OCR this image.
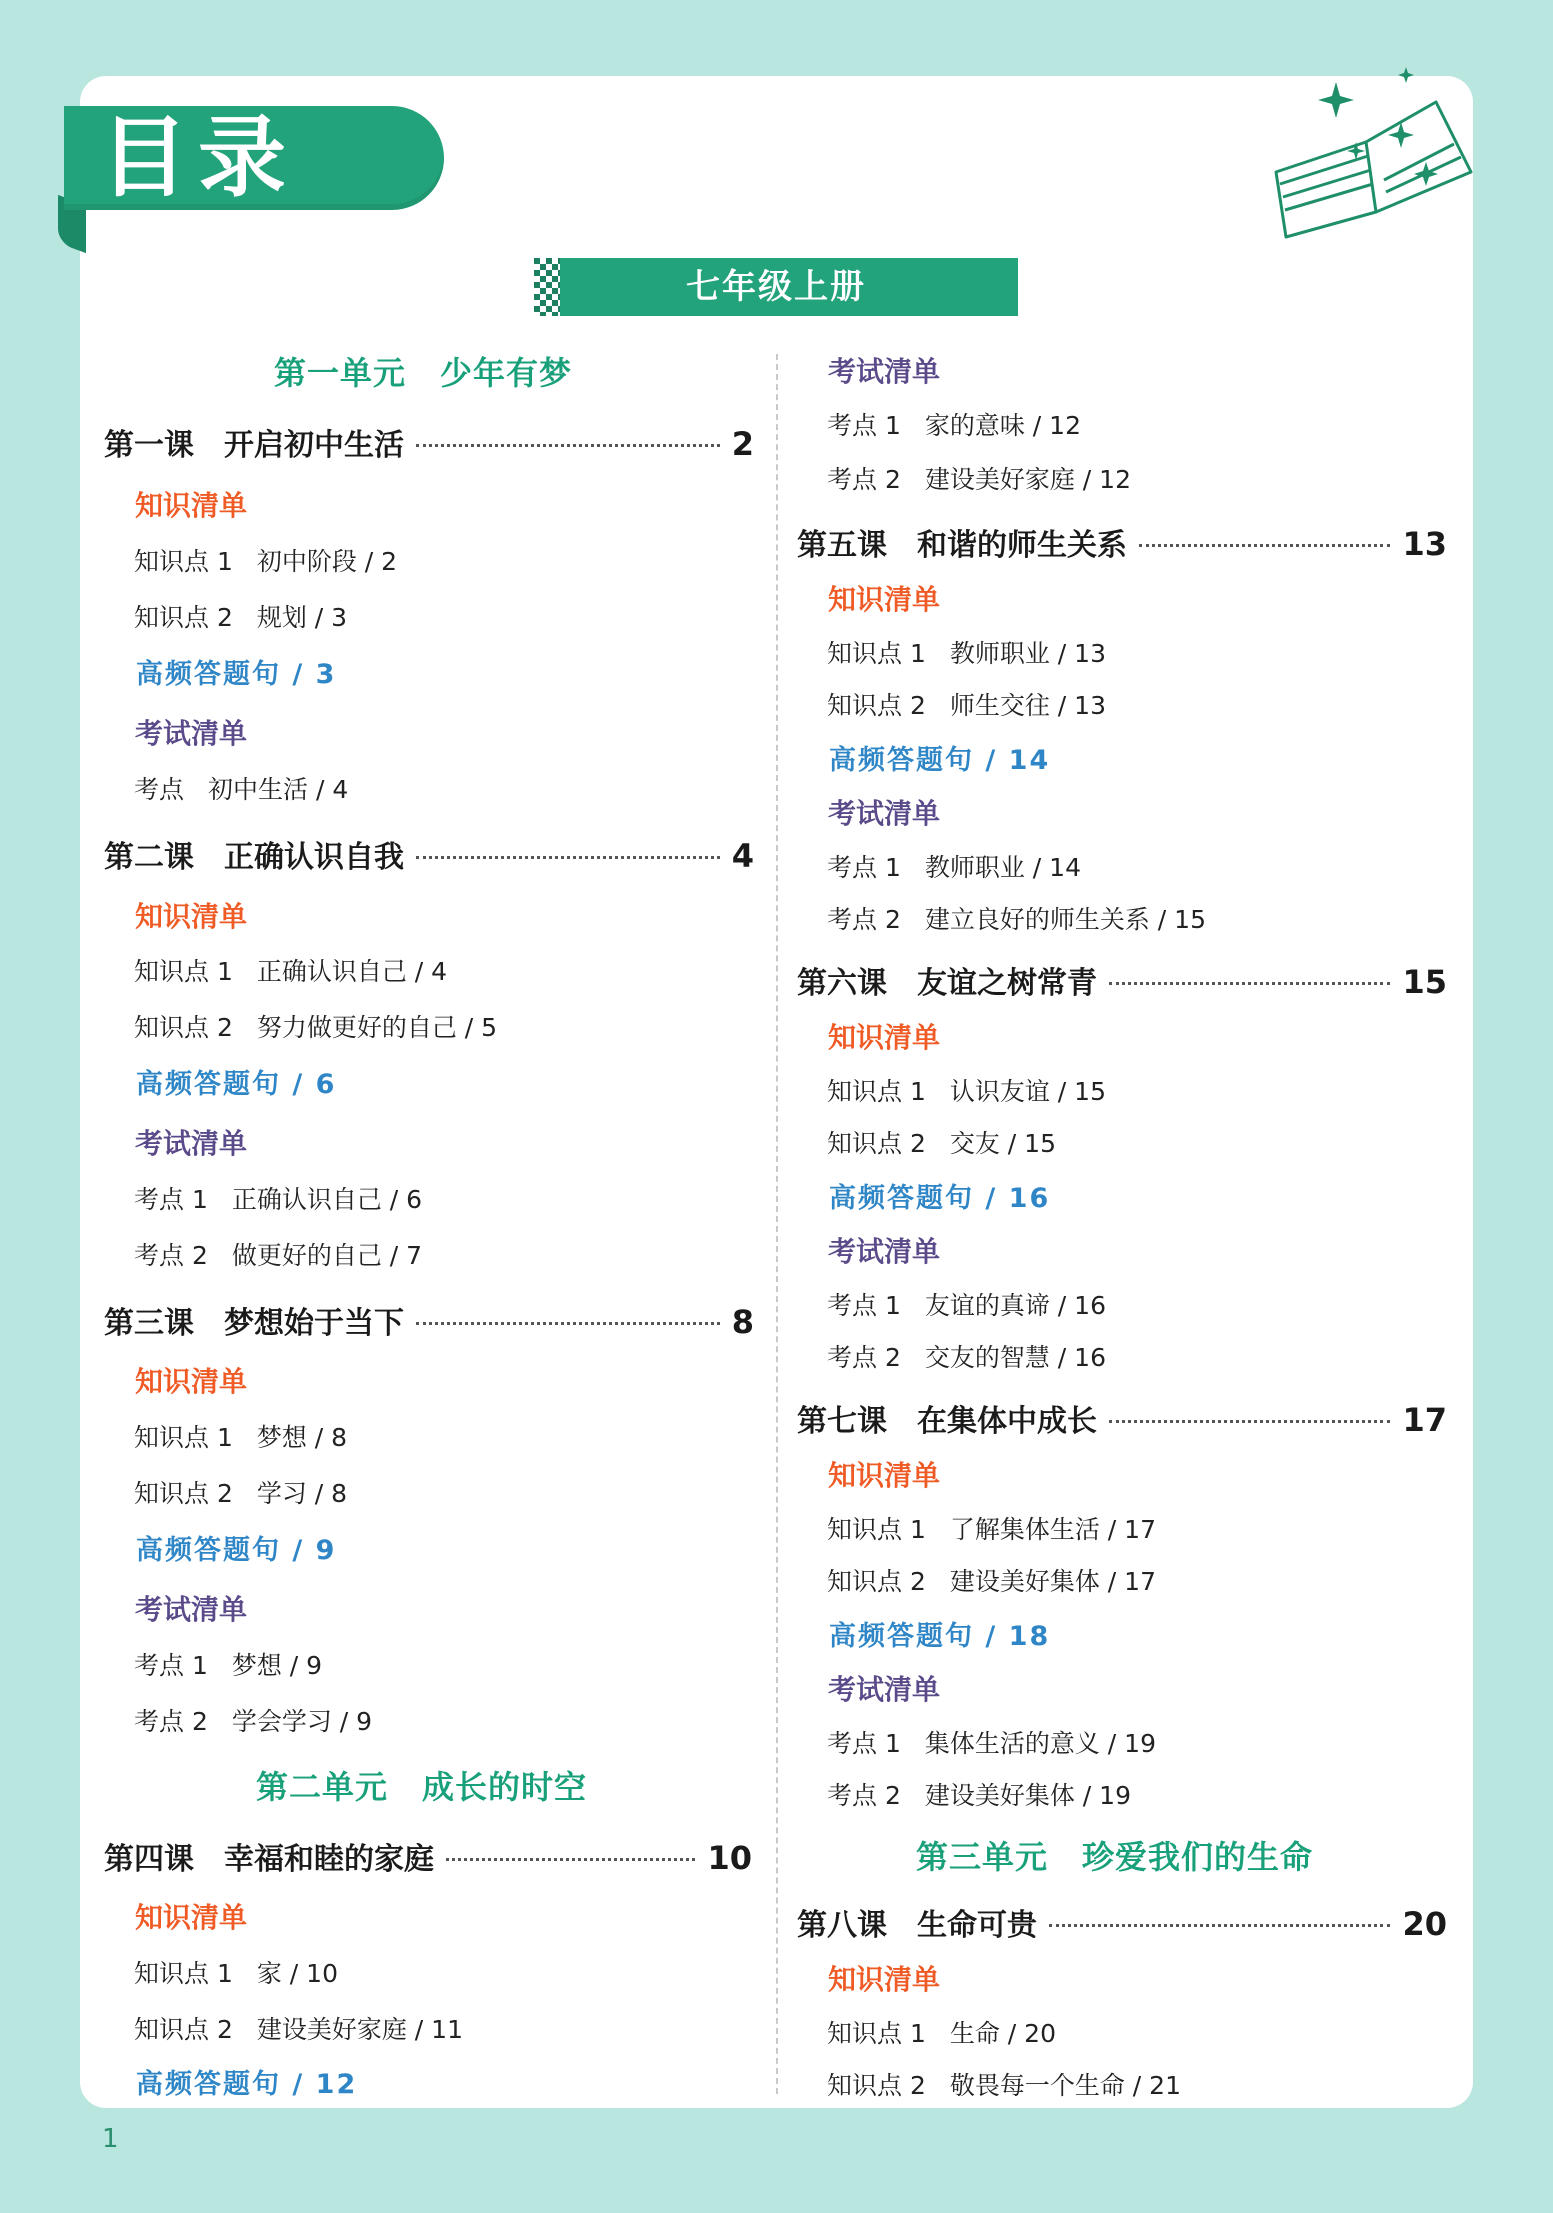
目录
七年级上册
第一单元 少年有梦
第一课 开启初中生活	2
知识清单
知识点 1 初中阶段 / 2
知识点 2 规划 / 3
高频答题句 / 3
考试清单
考点 初中生活 / 4
第二课 正确认识自我	4
知识清单
知识点 1 正确认识自己 / 4
知识点 2 努力做更好的自己 / 5
高频答题句 / 6
考试清单
考点 1 正确认识自己 / 6
考点 2 做更好的自己 / 7
第三课 梦想始于当下	8
知识清单
知识点 1 梦想 / 8
知识点 2 学习 / 8
高频答题句 / 9
考试清单
考点 1 梦想 / 9
考点 2 学会学习 / 9
第二单元 成长的时空
第四课 幸福和睦的家庭	10
知识清单
知识点 1 家 / 10
知识点 2 建设美好家庭 / 11
高频答题句 / 12
考试清单
考点 1 家的意味 / 12
考点 2 建设美好家庭 / 12
第五课 和谐的师生关系	13
知识清单
知识点 1 教师职业 / 13
知识点 2 师生交往 / 13
高频答题句 / 14
考试清单
考点 1 教师职业 / 14
考点 2 建立良好的师生关系 / 15
第六课 友谊之树常青	15
知识清单
知识点 1 认识友谊 / 15
知识点 2 交友 / 15
高频答题句 / 16
考试清单
考点 1 友谊的真谛 / 16
考点 2 交友的智慧 / 16
第七课 在集体中成长	17
知识清单
知识点 1 了解集体生活 / 17
知识点 2 建设美好集体 / 17
高频答题句 / 18
考试清单
考点 1 集体生活的意义 / 19
考点 2 建设美好集体 / 19
第三单元 珍爱我们的生命
第八课 生命可贵	20
知识清单
知识点 1 生命 / 20
知识点 2 敬畏每一个生命 / 21
1
